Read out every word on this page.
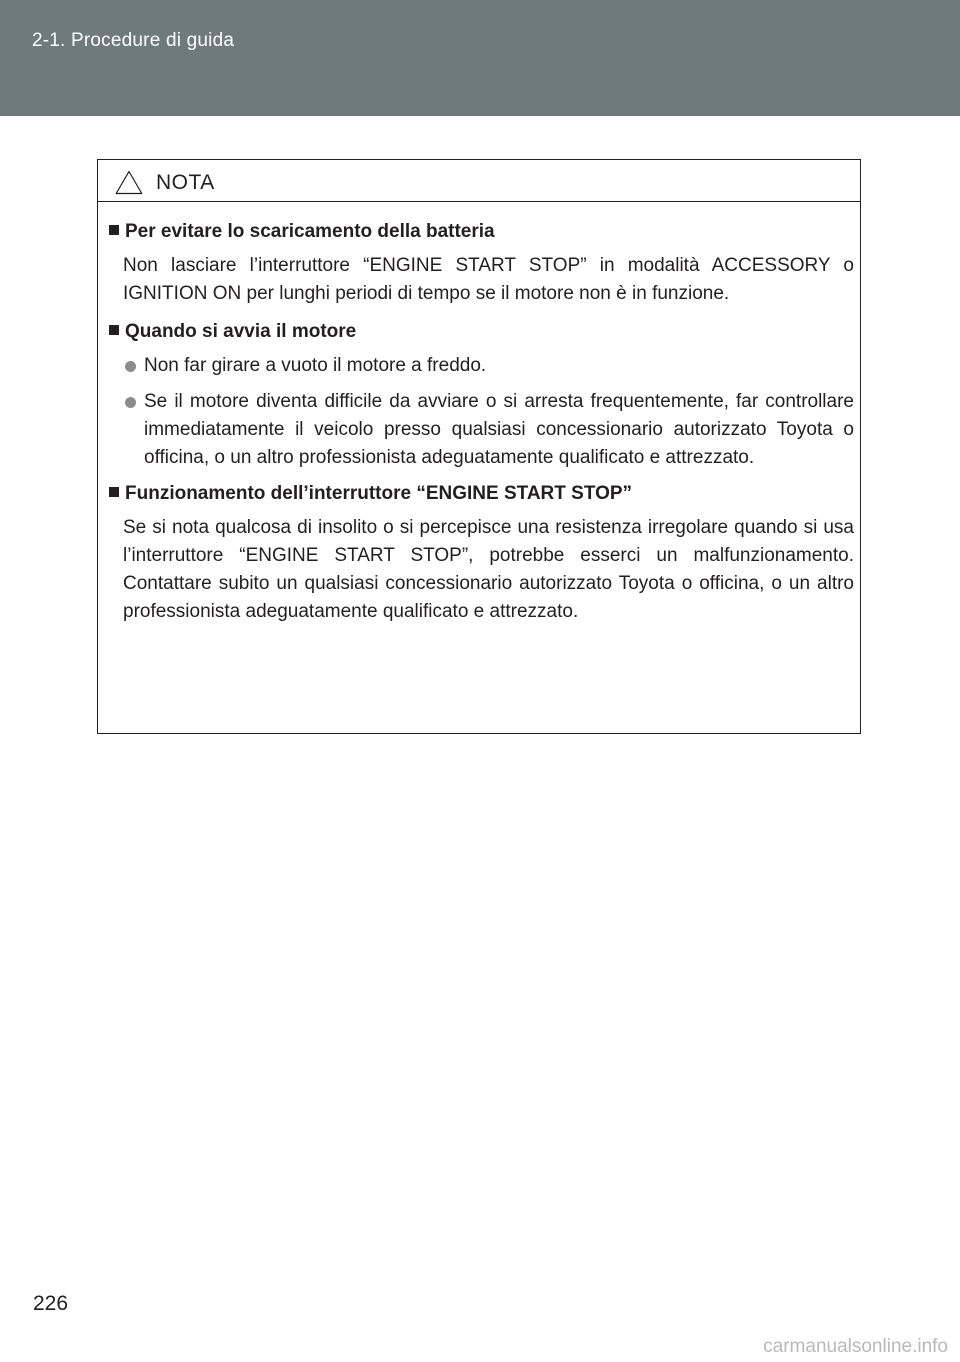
2-1. Procedure di guida
NOTA
Per evitare lo scaricamento della batteria
Non lasciare l’interruttore “ENGINE START STOP” in modalità ACCESSORY o IGNITION ON per lunghi periodi di tempo se il motore non è in funzione.
Quando si avvia il motore
Non far girare a vuoto il motore a freddo.
Se il motore diventa difficile da avviare o si arresta frequentemente, far controllare immediatamente il veicolo presso qualsiasi concessionario autorizzato Toyota o officina, o un altro professionista adeguatamente qualificato e attrezzato.
Funzionamento dell’interruttore “ENGINE START STOP”
Se si nota qualcosa di insolito o si percepisce una resistenza irregolare quando si usa l’interruttore “ENGINE START STOP”, potrebbe esserci un malfunzionamento. Contattare subito un qualsiasi concessionario autorizzato Toyota o officina, o un altro professionista adeguatamente qualificato e attrezzato.
226
carmanualsonline.info
